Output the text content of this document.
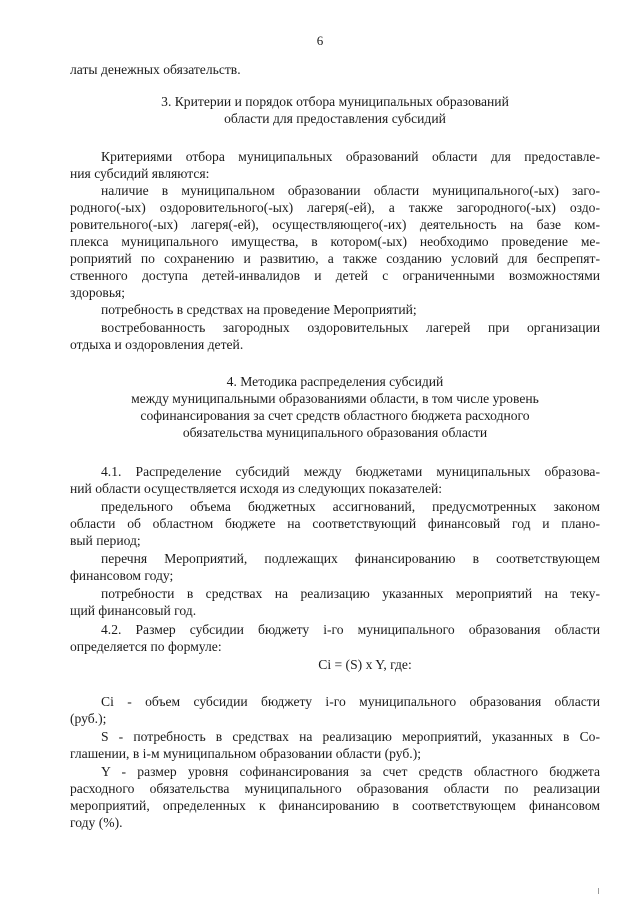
6
латы денежных обязательств.
3. Критерии и порядок отбора муниципальных образований
области для предоставления субсидий
Критериями отбора муниципальных образований области для предоставле-
ния субсидий являются:
наличие в муниципальном образовании области муниципального(-ых) заго-
родного(-ых) оздоровительного(-ых) лагеря(-ей), а также загородного(-ых) оздо-
ровительного(-ых) лагеря(-ей), осуществляющего(-их) деятельность на базе ком-
плекса муниципального имущества, в котором(-ых) необходимо проведение ме-
роприятий по сохранению и развитию, а также созданию условий для беспрепят-
ственного доступа детей-инвалидов и детей с ограниченными возможностями
здоровья;
потребность в средствах на проведение Мероприятий;
востребованность загородных оздоровительных лагерей при организации
отдыха и оздоровления детей.
4. Методика распределения субсидий
между муниципальными образованиями области, в том числе уровень
софинансирования за счет средств областного бюджета расходного
обязательства муниципального образования области
4.1. Распределение субсидий между бюджетами муниципальных образова-
ний области осуществляется исходя из следующих показателей:
предельного объема бюджетных ассигнований, предусмотренных законом
области об областном бюджете на соответствующий финансовый год и плано-
вый период;
перечня Мероприятий, подлежащих финансированию в соответствующем
финансовом году;
потребности в средствах на реализацию указанных мероприятий на теку-
щий финансовый год.
4.2. Размер субсидии бюджету i-го муниципального образования области
определяется по формуле:
Ci = (S) x Y, где:
Ci - объем субсидии бюджету i-го муниципального образования области
(руб.);
S - потребность в средствах на реализацию мероприятий, указанных в Со-
глашении, в i-м муниципальном образовании области (руб.);
Y - размер уровня софинансирования за счет средств областного бюджета
расходного обязательства муниципального образования области по реализации
мероприятий, определенных к финансированию в соответствующем финансовом
году (%).
